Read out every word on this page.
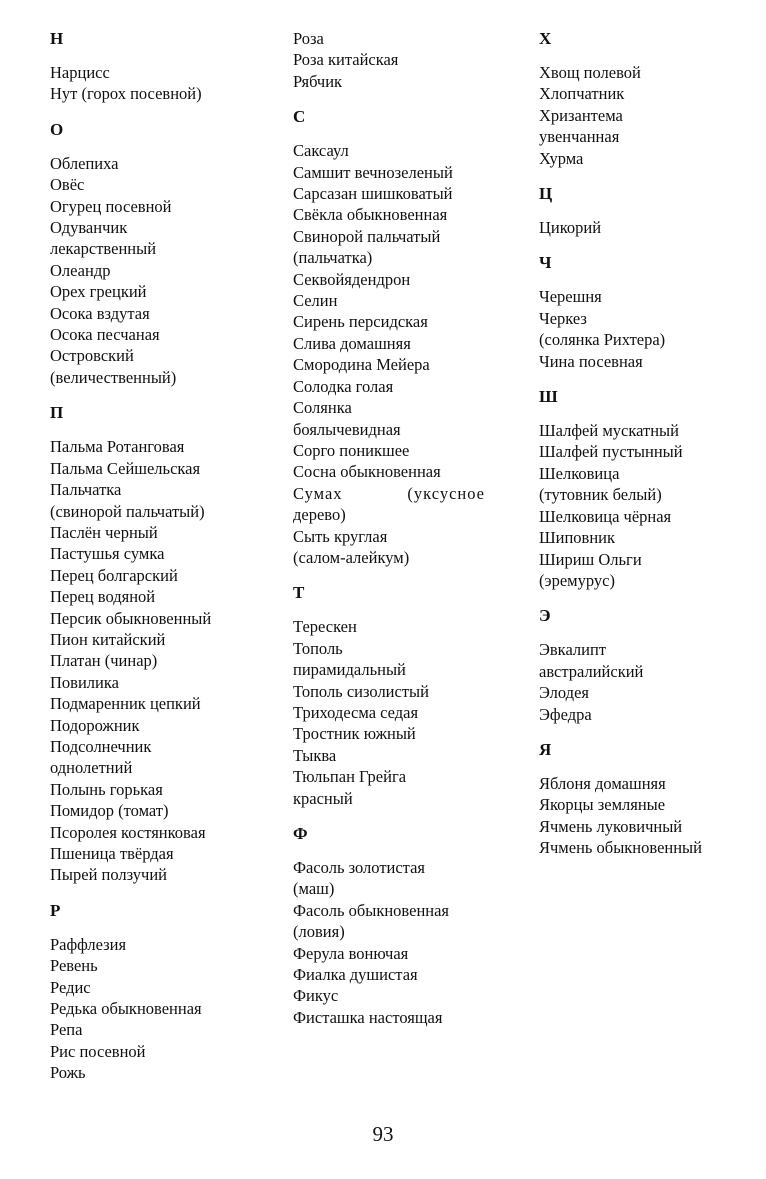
Н
Нарцисс
Нут (горох посевной)
О
Облепиха
Овёс
Огурец посевной
Одуванчик
лекарственный
Олеандр
Орех грецкий
Осока вздутая
Осока песчаная
Островский
(величественный)
П
Пальма Ротанговая
Пальма Сейшельская
Пальчатка
(свинорой пальчатый)
Паслён черный
Пастушья сумка
Перец болгарский
Перец водяной
Персик обыкновенный
Пион китайский
Платан (чинар)
Повилика
Подмаренник цепкий
Подорожник
Подсолнечник
однолетний
Полынь горькая
Помидор (томат)
Псоролея костянковая
Пшеница твёрдая
Пырей ползучий
Р
Раффлезия
Ревень
Редис
Редька обыкновенная
Репа
Рис посевной
Рожь
Роза
Роза китайская
Рябчик
С
Саксаул
Самшит вечнозеленый
Сарсазан шишковатый
Свёкла обыкновенная
Свинорой пальчатый
(пальчатка)
Секвойядендрон
Селин
Сирень персидская
Слива домашняя
Смородина Мейера
Солодка голая
Солянка
боялычевидная
Сорго поникшее
Сосна обыкновенная
Сумах (уксусное
дерево)
Сыть круглая
(салом-алейкум)
Т
Терескен
Тополь
пирамидальный
Тополь сизолистый
Триходесма седая
Тростник южный
Тыква
Тюльпан Грейга
красный
Ф
Фасоль золотистая
(маш)
Фасоль обыкновенная
(ловия)
Ферула вонючая
Фиалка душистая
Фикус
Фисташка настоящая
Х
Хвощ полевой
Хлопчатник
Хризантема
увенчанная
Хурма
Ц
Цикорий
Ч
Черешня
Черкез
(солянка Рихтера)
Чина посевная
Ш
Шалфей мускатный
Шалфей пустынный
Шелковица
(тутовник белый)
Шелковица чёрная
Шиповник
Шириш Ольги
(эремурус)
Э
Эвкалипт
австралийский
Элодея
Эфедра
Я
Яблоня домашняя
Якорцы земляные
Ячмень луковичный
Ячмень обыкновенный
93
